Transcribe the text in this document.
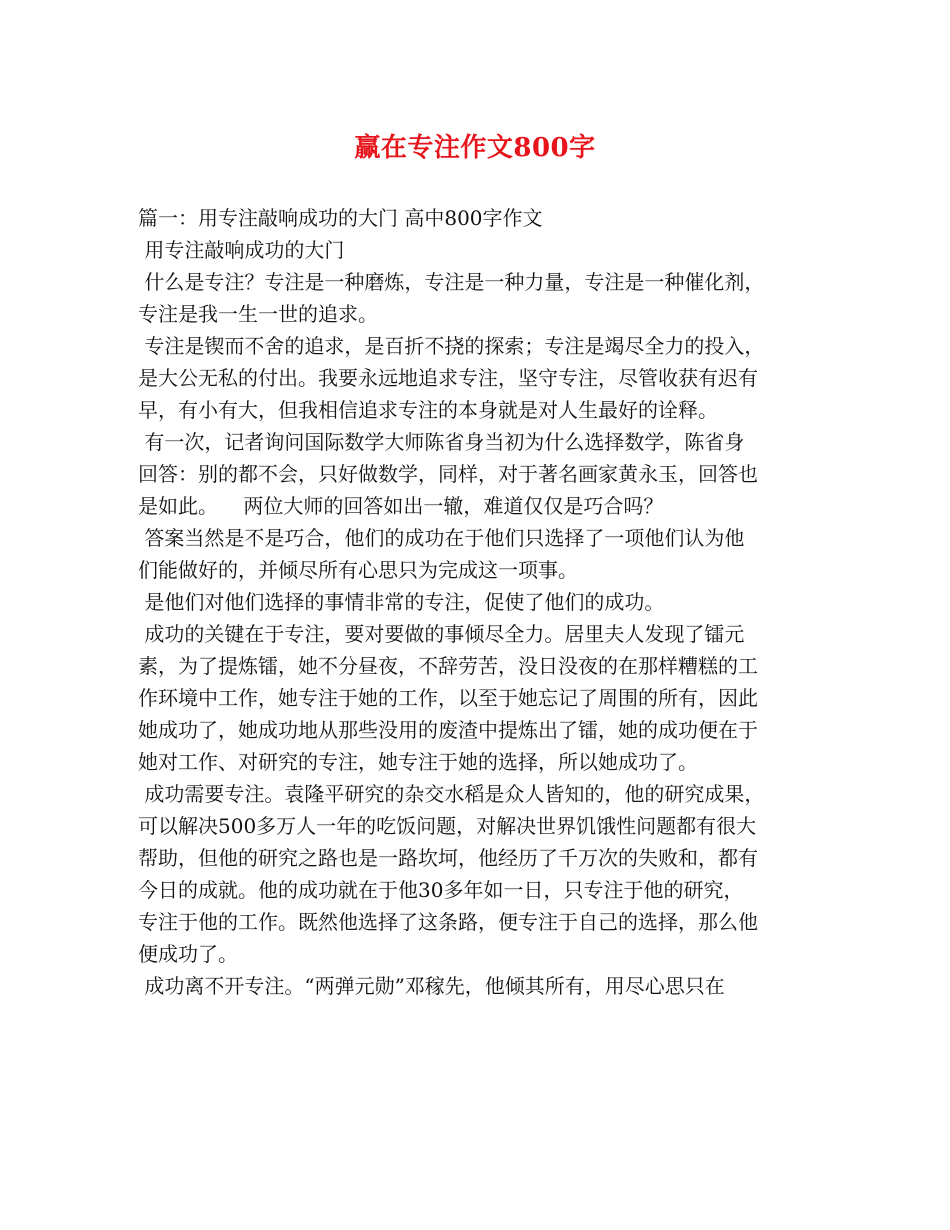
赢在专注作文800字
篇一：用专注敲响成功的大门 高中800字作文
用专注敲响成功的大门
什么是专注？专注是一种磨炼，专注是一种力量，专注是一种催化剂，
专注是我一生一世的追求。
专注是锲而不舍的追求，是百折不挠的探索；专注是竭尽全力的投入，
是大公无私的付出。我要永远地追求专注，坚守专注，尽管收获有迟有
早，有小有大，但我相信追求专注的本身就是对人生最好的诠释。
有一次，记者询问国际数学大师陈省身当初为什么选择数学，陈省身
回答：别的都不会，只好做数学，同样，对于著名画家黄永玉，回答也
是如此。    两位大师的回答如出一辙，难道仅仅是巧合吗？
答案当然是不是巧合，他们的成功在于他们只选择了一项他们认为他
们能做好的，并倾尽所有心思只为完成这一项事。
是他们对他们选择的事情非常的专注，促使了他们的成功。
成功的关键在于专注，要对要做的事倾尽全力。居里夫人发现了镭元
素，为了提炼镭，她不分昼夜，不辞劳苦，没日没夜的在那样糟糕的工
作环境中工作，她专注于她的工作，以至于她忘记了周围的所有，因此
她成功了，她成功地从那些没用的废渣中提炼出了镭，她的成功便在于
她对工作、对研究的专注，她专注于她的选择，所以她成功了。
成功需要专注。袁隆平研究的杂交水稻是众人皆知的，他的研究成果，
可以解决500多万人一年的吃饭问题，对解决世界饥饿性问题都有很大
帮助，但他的研究之路也是一路坎坷，他经历了千万次的失败和，都有
今日的成就。他的成功就在于他30多年如一日，只专注于他的研究，
专注于他的工作。既然他选择了这条路，便专注于自己的选择，那么他
便成功了。
成功离不开专注。“两弹元勋”邓稼先，他倾其所有，用尽心思只在
